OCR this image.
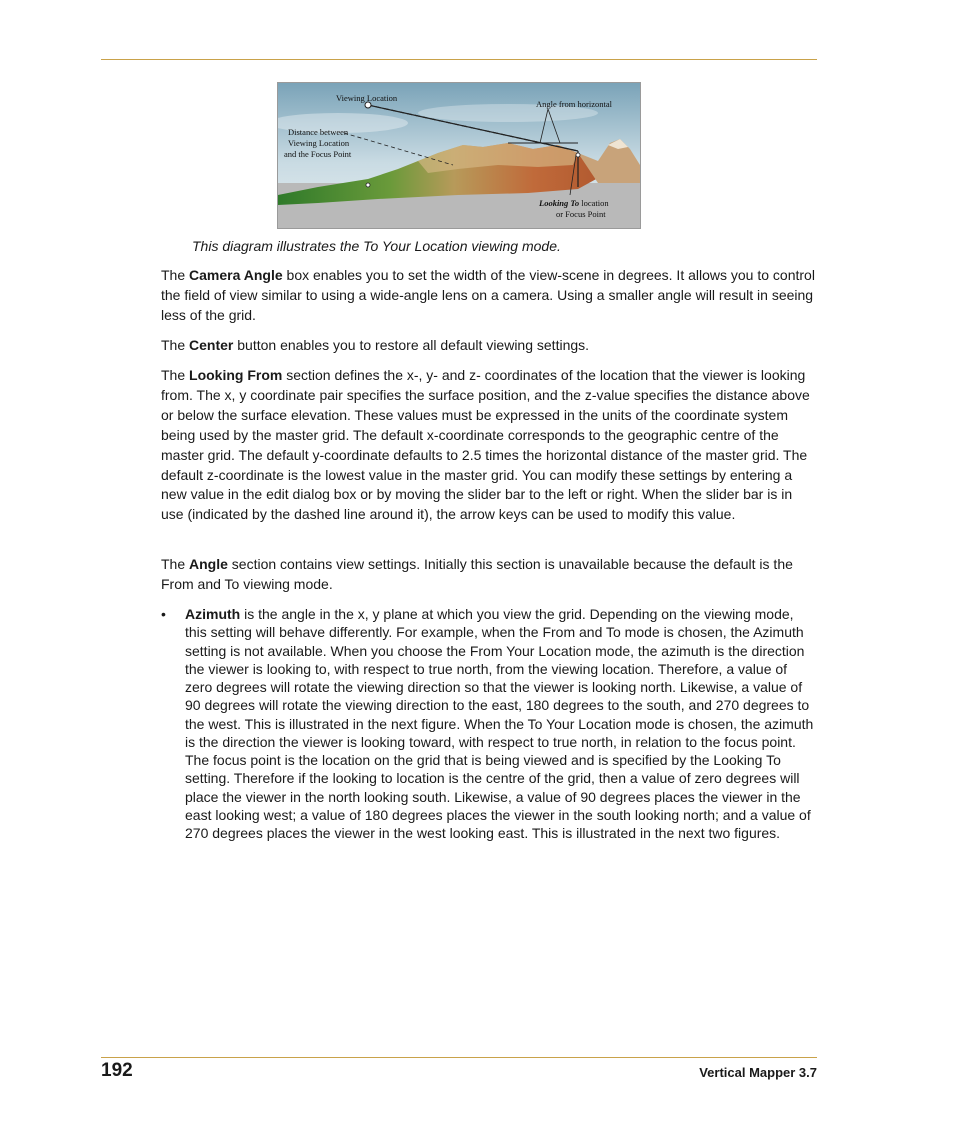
Viewing Location
Angle from horizontal
Distance between
Viewing Location
and the Focus Point
Looking To location
or Focus Point
This diagram illustrates the To Your Location viewing mode.

The Camera Angle box enables you to set the width of the view-scene in degrees. It allows you to control the field of view similar to using a wide-angle lens on a camera. Using a smaller angle will result in seeing less of the grid.

The Center button enables you to restore all default viewing settings.

The Looking From section defines the x-, y- and z- coordinates of the location that the viewer is looking from. The x, y coordinate pair specifies the surface position, and the z-value specifies the distance above or below the surface elevation. These values must be expressed in the units of the coordinate system being used by the master grid. The default x-coordinate corresponds to the geographic centre of the master grid. The default y-coordinate defaults to 2.5 times the horizontal distance of the master grid. The default z-coordinate is the lowest value in the master grid. You can modify these settings by entering a new value in the edit dialog box or by moving the slider bar to the left or right. When the slider bar is in use (indicated by the dashed line around it), the arrow keys can be used to modify this value.

The Angle section contains view settings. Initially this section is unavailable because the default is the From and To viewing mode.

• Azimuth is the angle in the x, y plane at which you view the grid. Depending on the viewing mode, this setting will behave differently. For example, when the From and To mode is chosen, the Azimuth setting is not available. When you choose the From Your Location mode, the azimuth is the direction the viewer is looking to, with respect to true north, from the viewing location. Therefore, a value of zero degrees will rotate the viewing direction so that the viewer is looking north. Likewise, a value of 90 degrees will rotate the viewing direction to the east, 180 degrees to the south, and 270 degrees to the west. This is illustrated in the next figure. When the To Your Location mode is chosen, the azimuth is the direction the viewer is looking toward, with respect to true north, in relation to the focus point. The focus point is the location on the grid that is being viewed and is specified by the Looking To setting. Therefore if the looking to location is the centre of the grid, then a value of zero degrees will place the viewer in the north looking south. Likewise, a value of 90 degrees places the viewer in the east looking west; a value of 180 degrees places the viewer in the south looking north; and a value of 270 degrees places the viewer in the west looking east. This is illustrated in the next two figures.

192	Vertical Mapper 3.7
